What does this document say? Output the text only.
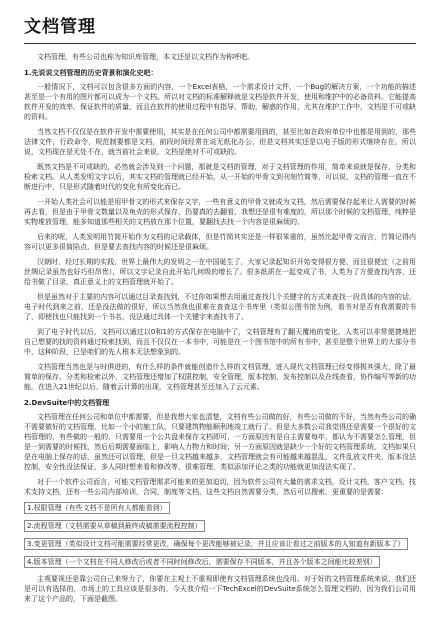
文档管理

文档管理，有些公司也称为知识库管理，本文还是以文档作为称呼吧。

1.先说说文档管理的历史背景和演化史吧：

一般情况下，文档可以包含很多方面的内容，一个Excel表格，一个需求设计文件，一个Bug的解决方案，一个功能的描述甚至是一个有用的图片都可以成为一个文档。所以对文档的标准解释就是文档是软件开发，使用和维护中的必备资料。它能提高软件开发的效率，保证软件的质量，而且在软件的使用过程中有指导，帮助，解惑的作用，尤其在维护工作中，文档是不可或缺的资料。

当然文档不仅仅是在软件开发中需要使用，其实是在任何公司中都需要用到的，甚至比如在政府单位中也都是用到的，那些法律文件，行政命令，规范制要都是文档，前段时间经常在说无纸化办公，但是文档其实还是以电子版的形式继续存在，所以说，文档现在是无处不在，就当前社会来说，文档是绝对不可或缺的。

既然文档是不可或缺的，必然就会涉及到一个问题，那就是文档的管理，对于文档管理的作用，简单来说就是保存，分类和检索文档。从人类发明文字以后，其实文档的管理就已经开始，从一开始的甲骨文到刊刻竹简等，可以说，文档的管理一直在不断进行中，只是形式随着时代的变化有所变化而已。

一开始人类社会可以能是用甲骨文的形式来保存文字，一些有意义的甲骨文就成为文档，然后需要保存起来让人需要的时候再去看，但是由于甲骨文数量以及龟壳的形式保存，仍要真的去翻看，我想还是很有难度的，所以那个时候的文档管理，纯粹是实物堆放管理，能多知道那些相关的文档放在那个位置，要翻找去找一个内容是很麻烦的。

后来的呢，人类发明用竹简开始作为文档的记录载体，但是竹简其实还是一样很笨重的，虽然比起甲骨文而言，竹简记得内容可以更多很简陷点，但是要去查找内容的时候还是很麻烦。

汉朝时，经过长期的实践，世界上最伟大的发明之一在中国诞生了，大家记录起知识开始变得很方便，而且很便宜（之前用丝绸记录虽然也好巧但昂贵），所以文字记录自此开始几何级的增长了。很多纸质在一起变成了书，人类为了方便查找内容，还给书做了目录，真正意义上的文档管理就开始了。

但是虽然对于主要的内容可以通过目录查找到，不过你如果想去用通过查找几个关键字的方式来查找一段具体的内容的话，电子时代到来之前，还是没法做的很好，所以当然我也很难在查查这个书库里（类似公图书馆为例，看书对是否有我需要的书了，即使找也只能找到一个书名，没法通过具体一个关键字来查找书了。

到了电子时代以后，文档可以通过以0和1的方式保存在电脑中了，文档管理有了翻天覆地的变化，人类可以非常便捷地把自己想要的找的资料通过检索找到，而且不仅仅在一本书中，可能是在一个图书馆中的所有书中，甚至是整个世界上的大部分书中，这种阶段，已是咱们的先人根本无法想象到的。

文档管理当然也是与时俱进的，有什么样的条件就能创造什么样的文档管理，进入现代文档管理已经变得极其强大，除了最简单的保存，分类和检索以外，文档管理还增加了权限控制，安全管理，版本控制，发布控制以及在线查看，协作编写等新的功能。在进入21世纪以后，随着云计算的出现，文档管理甚至还加入了云元素。

2.DevSuite中的文档管理

文档管理在任何公司和单位中都需要，但是我想大家也清楚，文档有些公司做的好，有些公司做的不好，当然有些公司的确不需要做好的文档管理，比如一个小的施工队，只要建筑物能顺利地竣工就行了。但是大多数公司我觉得还是需要一个很好的文档管理的，有些做的一般的，只需要用一个公共盘来保存文档即可，一方面原因有是自主需要每年，都认为不需要怎么管理，但是一到需要的时候找，然后后期需要面临上，影响人力物力和时间；另一方面原因就是缺少一个好的文档管理系统，文档如果只是在电脑上保存的话，虽然还可以管理，但是一旦文档越来越多，文档管理就会有可能越来越混乱，文件乱放文件夹，版本没法控制，安全性没法保证，多人同时想来看和修改等，很难管理，类似添加评论之类的功能就更加没法实现了。

对于一个软件公司而言，可能文档管理需求可能来的更加迫切，因为软件公司有大量的需求文档，设计文档，客户文档，技术支持文档，还有一些公司内部培训，合同，制度等文档，这些文档自然需要分类，然后可以搜索，更重要的是需要：

1.权限管理（有些文档不是所有人都能看到）
2.流程管理（文档需要从草稿到最终成稿需要流程控制）
3.变更管理（类似设计文档可能需要经常更改，确保每个更改能够被记录，并且应该让看过之前版本的人知道有新版本了）
4.版本管理（一个文档在不同人修改后或者不同时间修改后，需要保存不同版本，并且各个版本之间能比较差别）

主观要视还是靠公司自己来努力了，你要在主观上不重视即使有文档管理系统也没用。对于好的文档管理系统来说，我们还是可以有选择的，市场上的工具应该是很多的，今天我介绍一下TechExcel的DevSuite系统怎么管理文档的，因为我们公司用来了这个产品的，下面是截图。
